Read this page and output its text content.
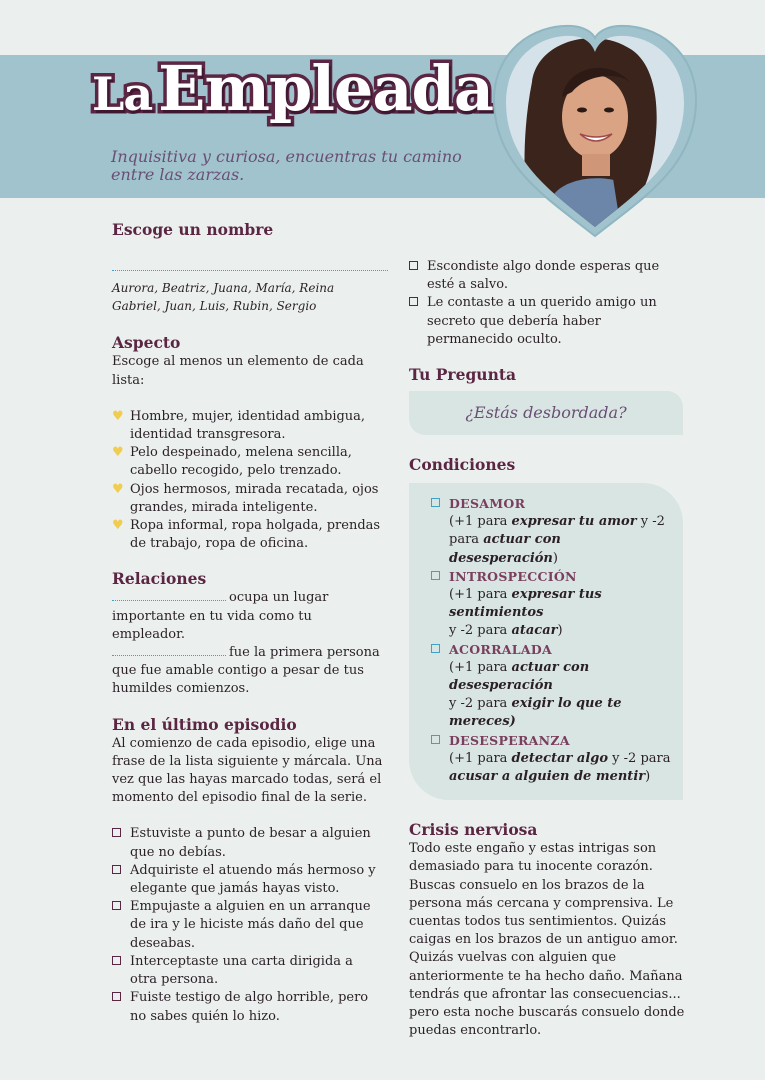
LaEmpleada
Inquisitiva y curiosa, encuentras tu camino entre las zarzas.
Escoge un nombre
Aurora, Beatriz, Juana, María, Reina
Gabriel, Juan, Luis, Rubin, Sergio
Aspecto
Escoge al menos un elemento de cada lista:
♥ Hombre, mujer, identidad ambigua, identidad transgresora.
♥ Pelo despeinado, melena sencilla, cabello recogido, pelo trenzado.
♥ Ojos hermosos, mirada recatada, ojos grandes, mirada inteligente.
♥ Ropa informal, ropa holgada, prendas de trabajo, ropa de oficina.
Relaciones
ocupa un lugar importante en tu vida como tu empleador.
fue la primera persona que fue amable contigo a pesar de tus humildes comienzos.
En el último episodio
Al comienzo de cada episodio, elige una frase de la lista siguiente y márcala. Una vez que las hayas marcado todas, será el momento del episodio final de la serie.
Estuviste a punto de besar a alguien que no debías.
Adquiriste el atuendo más hermoso y elegante que jamás hayas visto.
Empujaste a alguien en un arranque de ira y le hiciste más daño del que deseabas.
Interceptaste una carta dirigida a otra persona.
Fuiste testigo de algo horrible, pero no sabes quién lo hizo.
Escondiste algo donde esperas que esté a salvo.
Le contaste a un querido amigo un secreto que debería haber permanecido oculto.
Tu Pregunta
¿Estás desbordada?
Condiciones
DESAMOR
(+1 para expresar tu amor y -2
para actuar con desesperación)
INTROSPECCIÓN
(+1 para expresar tus sentimientos
y -2 para atacar)
ACORRALADA
(+1 para actuar con desesperación
y -2 para exigir lo que te mereces)
DESESPERANZA
(+1 para detectar algo y -2 para
acusar a alguien de mentir)
Crisis nerviosa
Todo este engaño y estas intrigas son demasiado para tu inocente corazón. Buscas consuelo en los brazos de la persona más cercana y comprensiva. Le cuentas todos tus sentimientos. Quizás caigas en los brazos de un antiguo amor. Quizás vuelvas con alguien que anteriormente te ha hecho daño. Mañana tendrás que afrontar las consecuencias... pero esta noche buscarás consuelo donde puedas encontrarlo.
